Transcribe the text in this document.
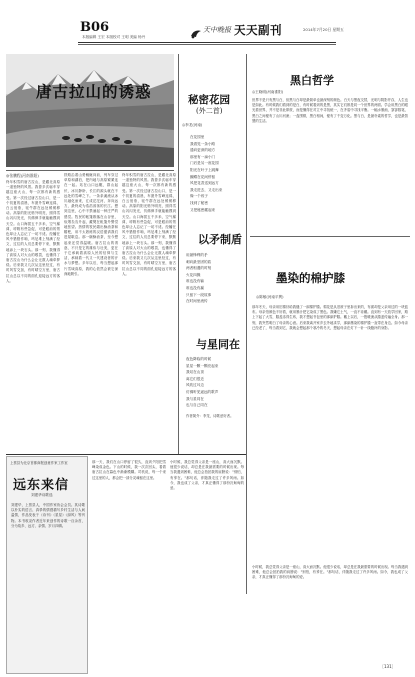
B06
本版编辑 王宏 本版校对 王明 美编 杨丹
天中晚报 天天副刊	2014年7月20日 星期五
唐古拉山的诱惑
◎张鹏程(河南淮阳)
终年积雪的唐古拉山，是藏北高原一道独特的风景。我曾多次驱车穿越这座大山，每一次都有新的感受。第一次经过唐古拉山口，是一个初夏的清晨，车窗外雪峰连绵，白云低垂，牦牛群在远处缓缓移动。高原的阳光格外明亮，照得雪山闪闪发光，仿佛伸手就能触摸到天空。山口海拔五千多米，空气稀薄，呼吸有些急促，可是眼前的景色却让人忘记了一切不适。经幡在风中猎猎作响，玛尼堆上刻满了经文，过往的人们总要停下来，默默地添上一块石头。那一刻，我懂得了高原人对大山的敬畏，也懂得了唐古拉山为什么会让无数人魂牵梦绕。后来我又几次从这里经过，有时风雪交加，有时晴空万里，唐古拉山总以不同的面孔迎接远方的客人。
铁路沿着山势蜿蜒向前，列车穿过草原和湖泊，把内地与高原紧紧连在一起。站在山口远眺，群山起伏，冰川静卧，长江的源头就在不远处的雪峰之下。一条条溪流从冰川融化而来，汇成沱沱河，奔向远方，最终成为浩浩荡荡的长江。想到这里，心中不禁涌起一种庄严的感觉。牧民的帐篷散落在山谷里，炊烟袅袅升起，藏獒在帐篷外警觉地张望。热情的牧民端出酥油茶和糌粑，用不太熟练的汉语邀请我们进屋歇息。那一碗酥油茶，至今想起来还觉得温暖。唐古拉山的诱惑，不只是它的雄伟与壮美，更在于它承载着高原人民的信仰与生活，承载着一代又一代建设者的汗水与梦想。多年以后，每当想起那片雪域高原，我的心依然会被它深深地吸引。
终年积雪的唐古拉山，是藏北高原一道独特的风景。我曾多次驱车穿越这座大山，每一次都有新的感受。第一次经过唐古拉山口，是一个初夏的清晨，车窗外雪峰连绵，白云低垂，牦牛群在远处缓缓移动。高原的阳光格外明亮，照得雪山闪闪发光，仿佛伸手就能触摸到天空。山口海拔五千多米，空气稀薄，呼吸有些急促，可是眼前的景色却让人忘记了一切不适。经幡在风中猎猎作响，玛尼堆上刻满了经文，过往的人们总要停下来，默默地添上一块石头。那一刻，我懂得了高原人对大山的敬畏，也懂得了唐古拉山为什么会让无数人魂牵梦绕。后来我又几次从这里经过，有时风雪交加，有时晴空万里，唐古拉山总以不同的面孔迎接远方的客人。
秘密花园
(外二首)
◎李龙(河南)
在花园里
我看见一条小路
通向更深的地方
那里有一扇小门
门后是另一座花园
阳光在叶子上跳舞
蝴蝶在花间停留
风把花香送到远方
我走进去，又走出来
像一个孩子
找到了秘密
又把秘密藏起来
以矛制盾
用最锋利的矛
刺向最坚固的盾
两者相遇的时刻
火花四溅
谁也没有输
谁也没有赢
只留下一段故事
在时间里流传
与星同在
夜色降临的时候
星星一颗一颗亮起来
我站在山顶
离它们很近
风吹过耳边
仿佛听见遥远的歌声
我与星同在
也与自己同在
作者简介：李龙，诗歌爱好者。
黑白哲学
◎王晓明(河南淮阳)
世界不是只有黑与白，但黑与白却是最简单也最深刻的颜色。白天与黑夜交替，光明与阴影并存，人生也是如此。有时候我们看到的是白，有时候看到的是黑，其实它们都是同一个世界的两面。学会用黑白的眼光看世界，并不是非此即彼，而是懂得在对立中寻找统一，在矛盾中寻找平衡。一幅水墨画，寥寥数笔，黑白之间便有了山川河流；一盘围棋，黑白相间，便有了千变万化。黑与白，是最朴素的哲学，也是最智慧的生活。
墨染的棉护膝
◎陈敏(河南平舆)
那年冬天，母亲用旧棉袄给我缝了一副棉护膝。棉花是从旧被子里拆出来的，布面却是父亲用过的一块蓝布。母亲怕颜色不好看，就用墨汁把它染成了黑色。我嫌它土气，一直不肯戴。直到有一天放学回家，路上下起了大雪，膝盖冻得生疼，我才想起书包里的那副护膝。戴上以后，一股暖流从膝盖传遍全身。那一刻，我突然明白了母亲的心意。后来我离开家乡去外地求学，那副墨染的棉护膝一直带在身边。如今母亲已经老了，每当看到它，我就会想起那个寒冷的冬天，想起母亲在灯下一针一线缝补的身影。
上蔡县为北京首都商报创意作家工作室
远东来信
刘建华诗歌选
刘建华，上蔡县人，中国作家协会会员。其诗歌以朴实的语言、真挚的情感描写乡村生活与人间温情，作品发表于《诗刊》《星星》《绿风》等刊物。本书收录作者近年来创作的诗歌一百余首，分为故乡、远方、亲情、岁月四辑。
那一天，我们在山口停留了很久，直到夕阳把雪峰染成金色。下山的时候，我一次次回头，看着唐古拉山在暮色中渐渐模糊。司机说，每一个来过这里的人，都会把一部分灵魂留在这里。
小时候，我总觉得父亲是一座山，高大而沉默。他很少说话，却总是在我最需要的时候出现。每当我遇到困难，他总会拍拍我的肩膀说："别怕，有爹在。"那句话，伴随我走过了许多风雨。如今，我也成了父亲，才真正懂得了那份沉甸甸的爱。
小时候，我总觉得父亲是一座山，高大而沉默。他很少说话，却总是在我最需要的时候出现。每当我遇到困难，他总会拍拍我的肩膀说："别怕，有爹在。"那句话，伴随我走过了许多风雨。如今，我也成了父亲，才真正懂得了那份沉甸甸的爱。
［131］
